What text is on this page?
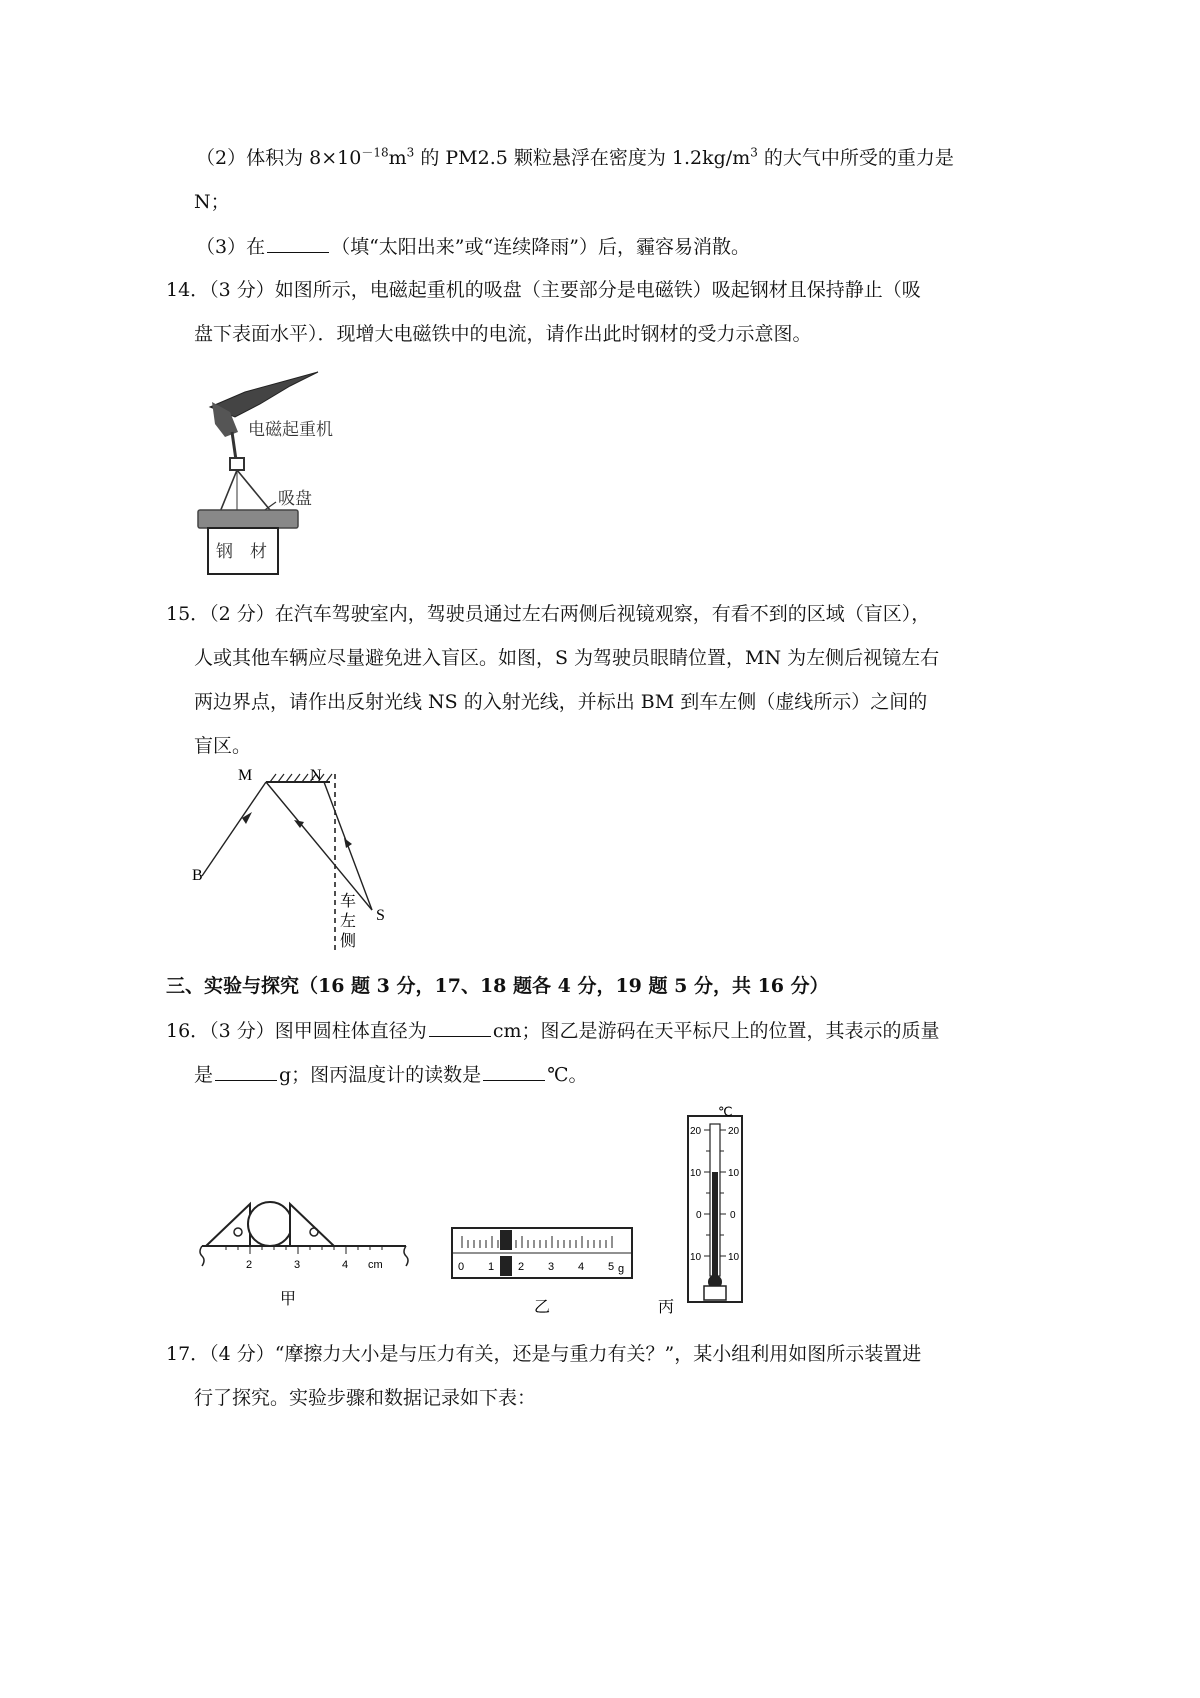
（2）体积为 $8\times 10^{-18}m^3$ 的 PM2.5 颗粒悬浮在密度为 $1.2kg/m^3$ 的大气中所受的重力是
N；
（3）在	（填“太阳出来”或“连续降雨”）后，霾容易消散。
14．（3 分）如图所示，电磁起重机的吸盘（主要部分是电磁铁）吸起钢材且保持静止（吸
盘下表面水平）．现增大电磁铁中的电流，请作出此时钢材的受力示意图。
电磁起重机
吸盘
钢　材
15．（2 分）在汽车驾驶室内，驾驶员通过左右两侧后视镜观察，有看不到的区域（盲区），
人或其他车辆应尽量避免进入盲区。如图，S 为驾驶员眼睛位置，MN 为左侧后视镜左右
两边界点，请作出反射光线 NS 的入射光线，并标出 BM 到车左侧（虚线所示）之间的
盲区。
M	N
B
S
车
左
侧
三、实验与探究（16 题 3 分，17、18 题各 4 分，19 题 5 分，共 16 分）
16．（3 分）图甲圆柱体直径为	cm；图乙是游码在天平标尺上的位置，其表示的质量
是	g；图丙温度计的读数是	℃。
2	3	4 cm
甲
0 1 2 3 4 5 g
乙
℃
20
10
0
10
20
10
0
10
丙
17．（4 分）“摩擦力大小是与压力有关，还是与重力有关？”，某小组利用如图所示装置进
行了探究。实验步骤和数据记录如下表：
